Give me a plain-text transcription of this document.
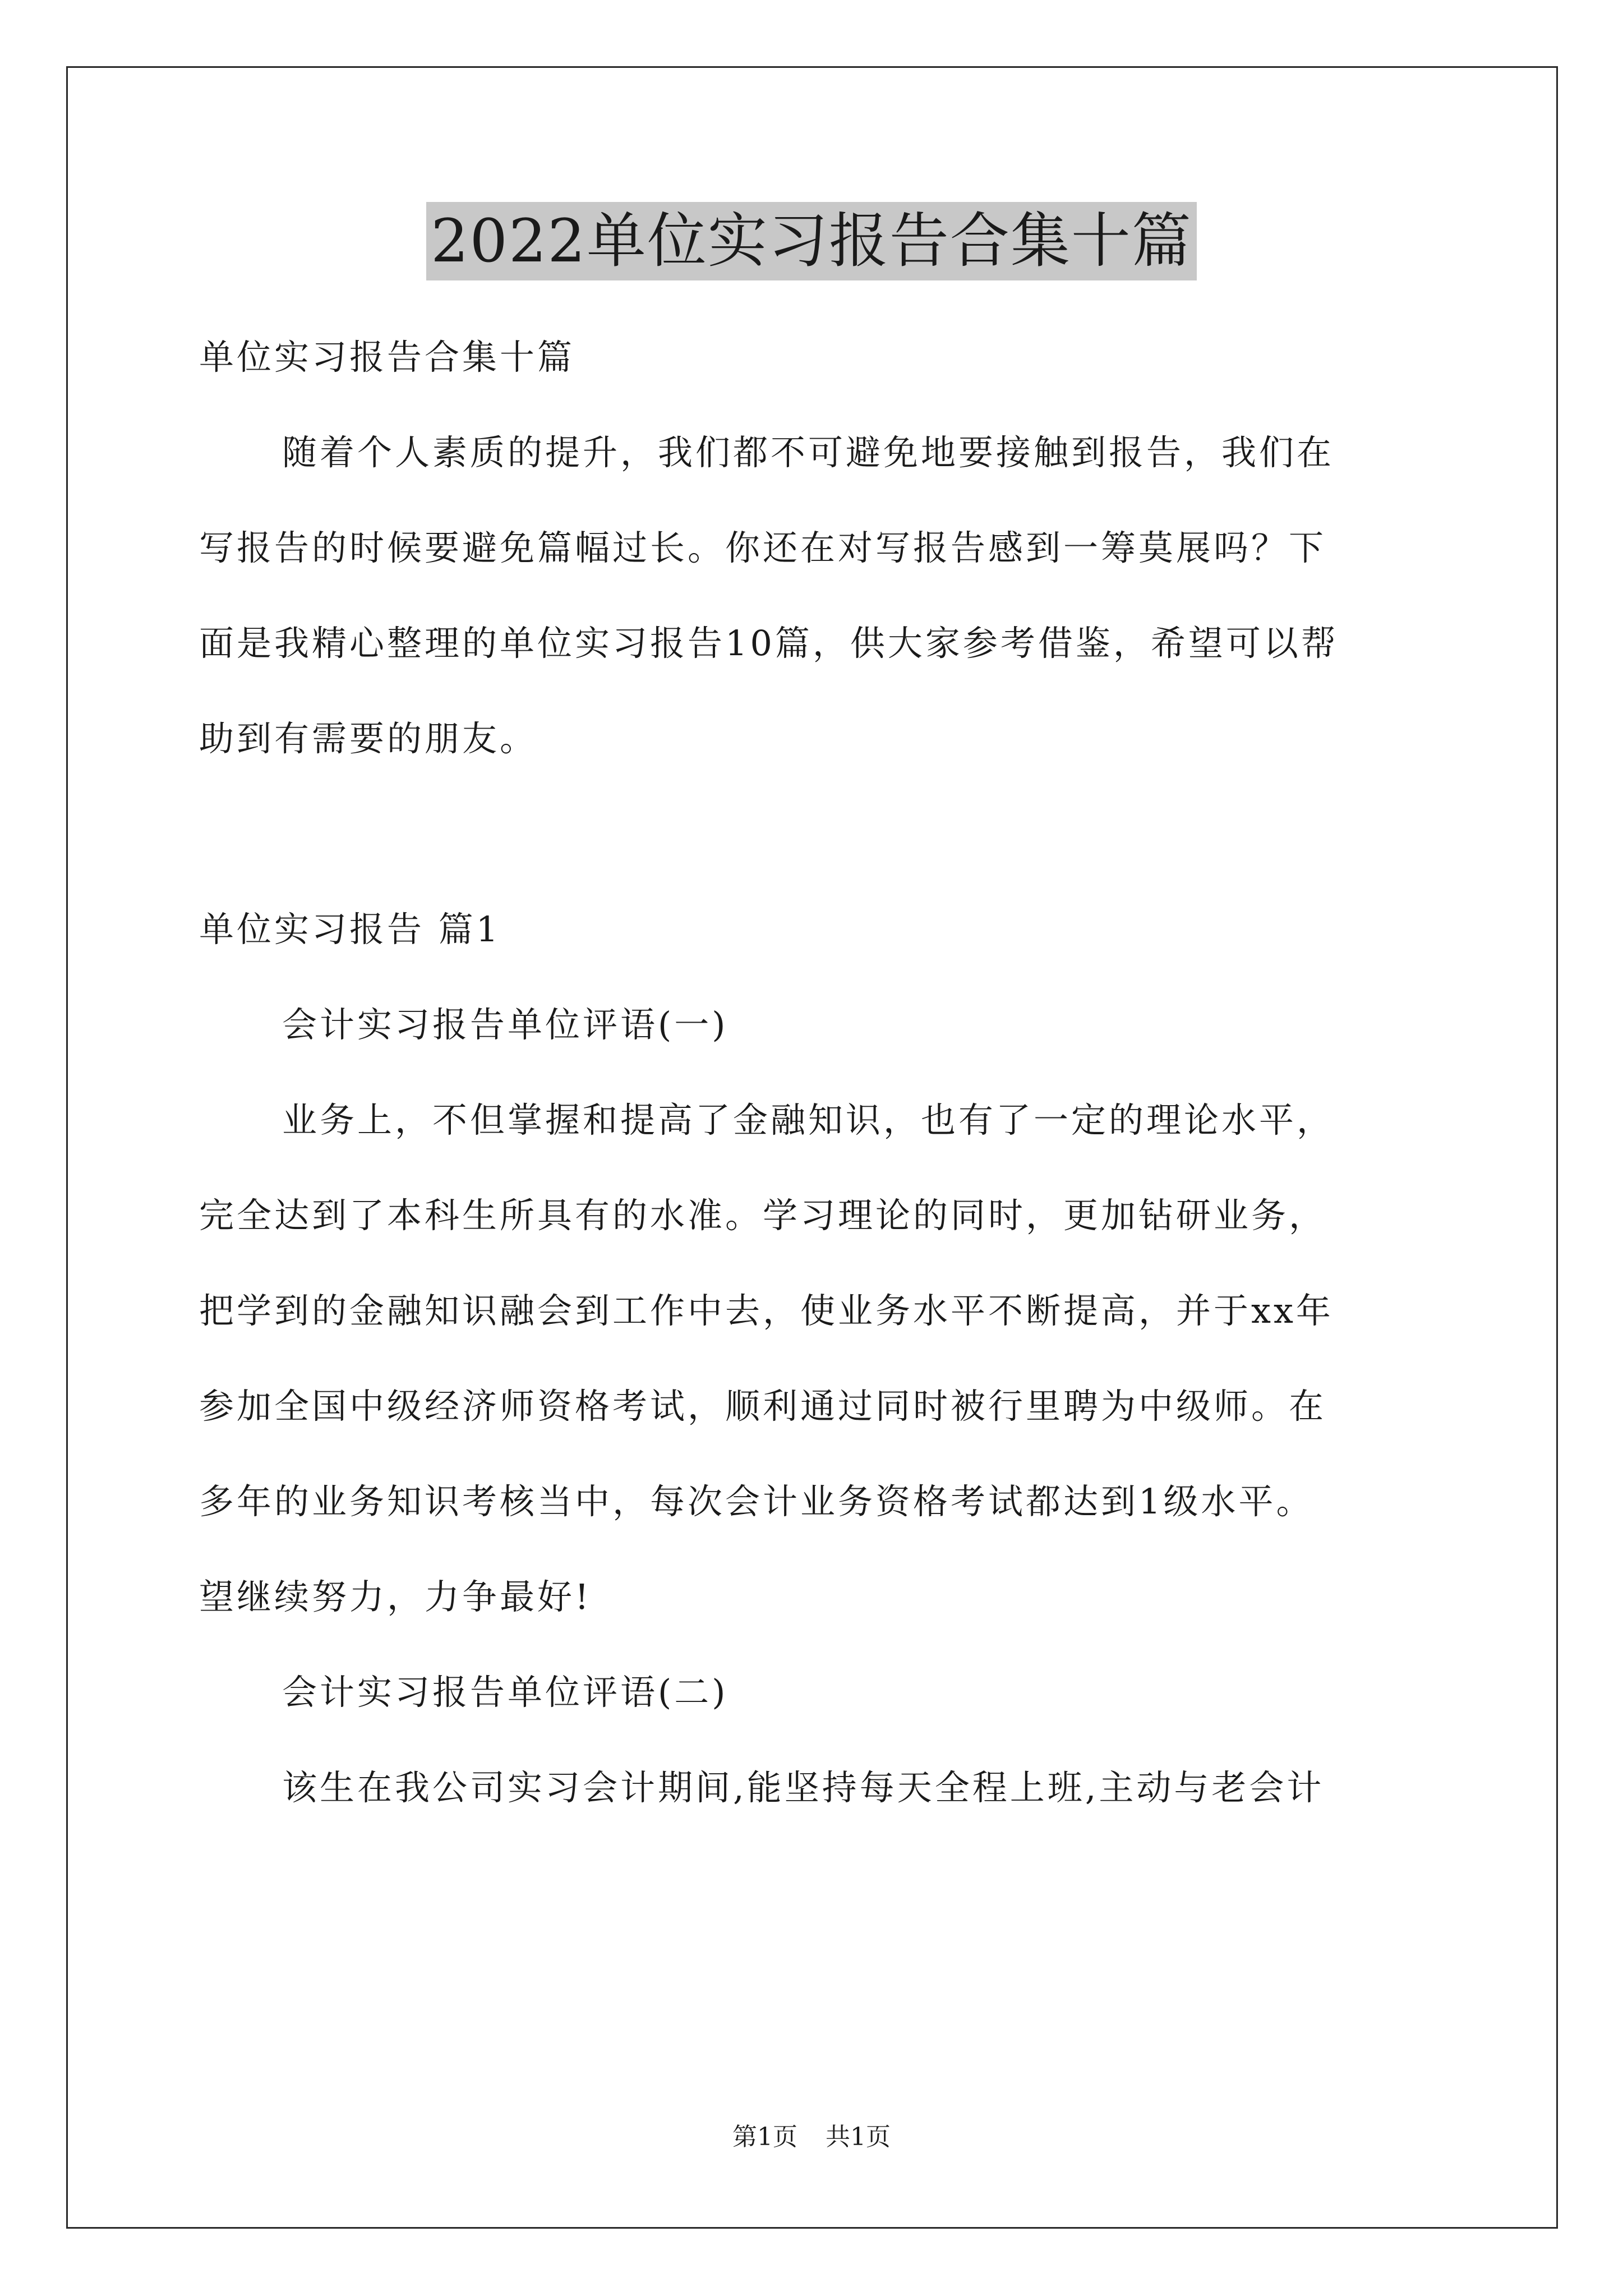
2022单位实习报告合集十篇
单位实习报告合集十篇
随着个人素质的提升，我们都不可避免地要接触到报告，我们在
写报告的时候要避免篇幅过长。你还在对写报告感到一筹莫展吗？下
面是我精心整理的单位实习报告10篇，供大家参考借鉴，希望可以帮
助到有需要的朋友。
单位实习报告 篇1
会计实习报告单位评语(一)
业务上，不但掌握和提高了金融知识，也有了一定的理论水平，
完全达到了本科生所具有的水准。学习理论的同时，更加钻研业务，
把学到的金融知识融会到工作中去，使业务水平不断提高，并于xx年
参加全国中级经济师资格考试，顺利通过同时被行里聘为中级师。在
多年的业务知识考核当中，每次会计业务资格考试都达到1级水平。
望继续努力，力争最好!
会计实习报告单位评语(二)
该生在我公司实习会计期间,能坚持每天全程上班,主动与老会计
第1页 共1页
